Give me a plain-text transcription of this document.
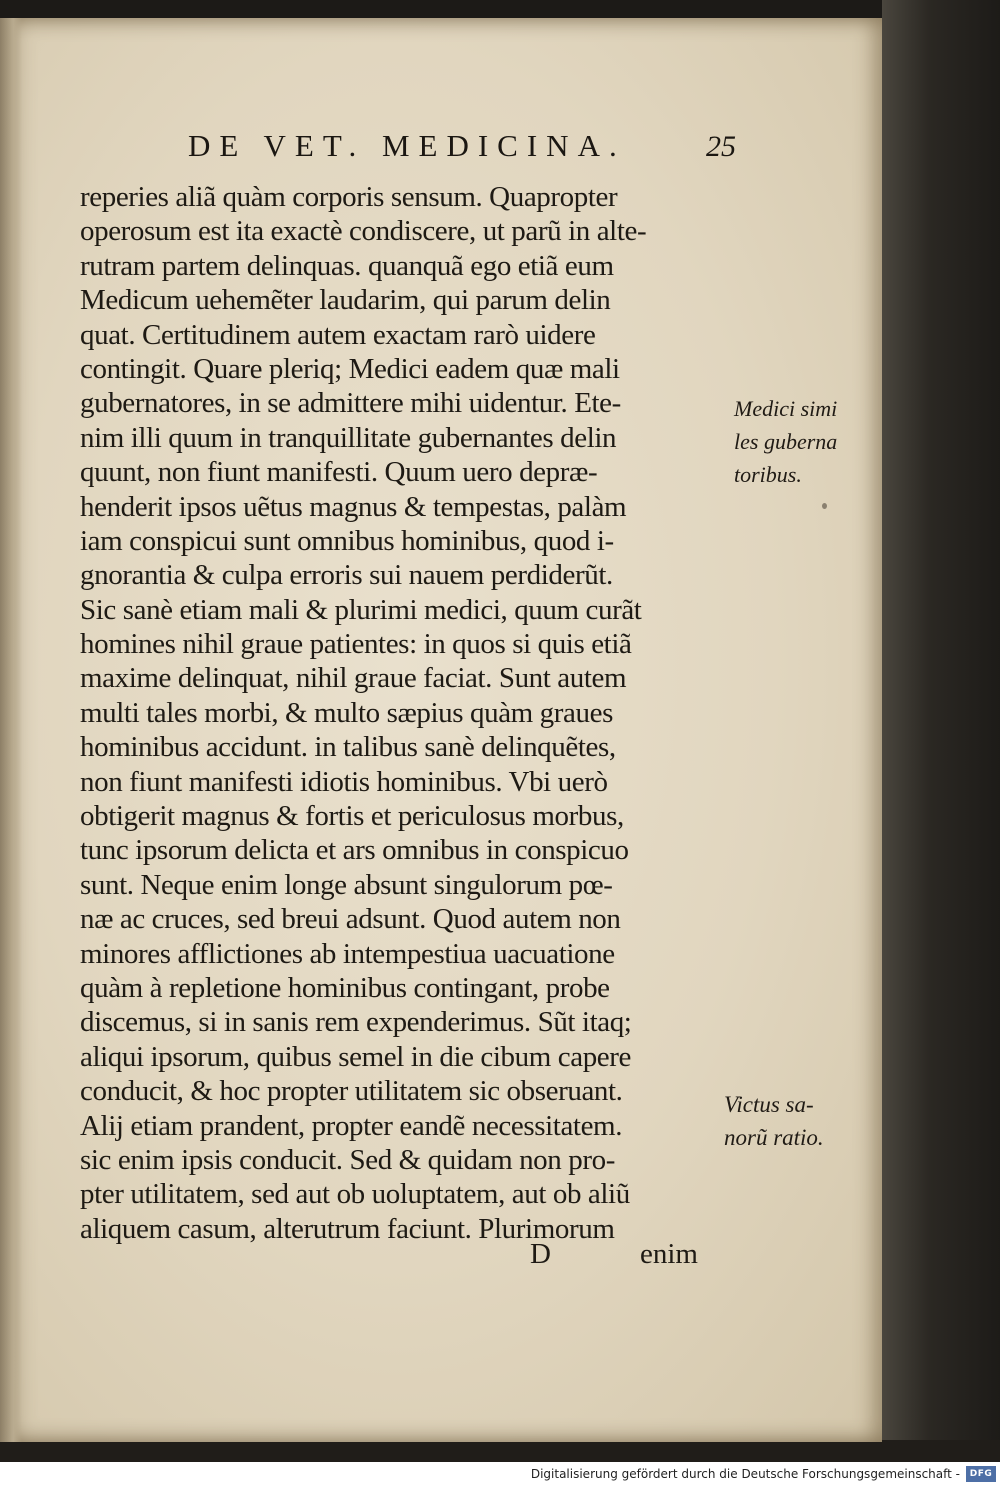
DE VET. MEDICINA.	25
reperies aliã quàm corporis sensum. Quapropter
operosum est ita exactè condiscere, ut parũ in alte-
rutram partem delinquas. quanquã ego etiã eum
Medicum uehemẽter laudarim, qui parum delin
quat. Certitudinem autem exactam rarò uidere
contingit. Quare pleriq; Medici eadem quæ mali
gubernatores, in se admittere mihi uidentur. Ete-
nim illi quum in tranquillitate gubernantes delin
quunt, non fiunt manifesti. Quum uero depræ-
henderit ipsos uẽtus magnus & tempestas, palàm
iam conspicui sunt omnibus hominibus, quod i-
gnorantia & culpa erroris sui nauem perdiderũt.
Sic sanè etiam mali & plurimi medici, quum curãt
homines nihil graue patientes: in quos si quis etiã
maxime delinquat, nihil graue faciat. Sunt autem
multi tales morbi, & multo sæpius quàm graues
hominibus accidunt. in talibus sanè delinquẽtes,
non fiunt manifesti idiotis hominibus. Vbi uerò
obtigerit magnus & fortis et periculosus morbus,
tunc ipsorum delicta et ars omnibus in conspicuo
sunt. Neque enim longe absunt singulorum pœ-
næ ac cruces, sed breui adsunt. Quod autem non
minores afflictiones ab intempestiua uacuatione
quàm à repletione hominibus contingant, probe
discemus, si in sanis rem expenderimus. Sũt itaq;
aliqui ipsorum, quibus semel in die cibum capere
conducit, & hoc propter utilitatem sic obseruant.
Alij etiam prandent, propter eandẽ necessitatem.
sic enim ipsis conducit. Sed & quidam non pro-
pter utilitatem, sed aut ob uoluptatem, aut ob aliũ
aliquem casum, alterutrum faciunt. Plurimorum
Medici simi
les guberna
toribus.
Victus sa-
norũ ratio.
D	enim
Digitalisierung gefördert durch die Deutsche Forschungsgemeinschaft -	DFG
